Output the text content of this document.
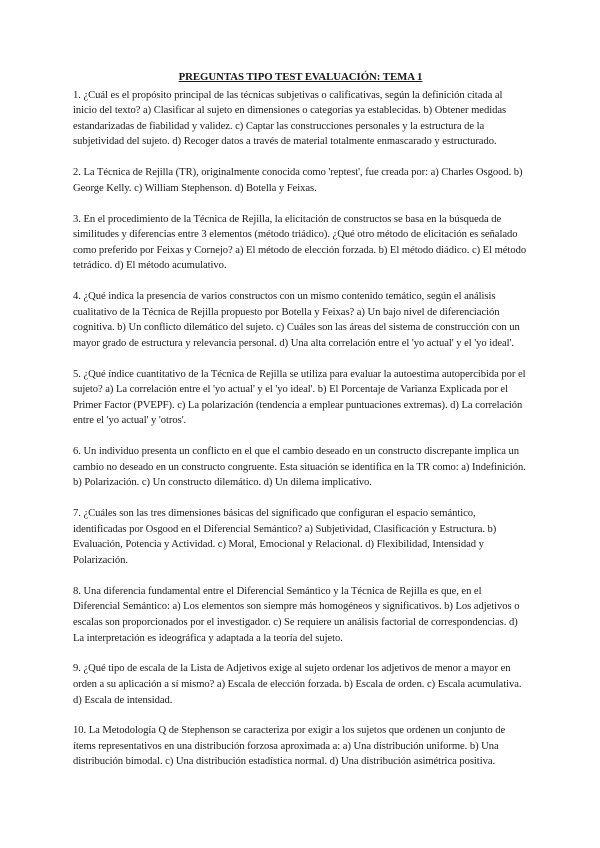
PREGUNTAS TIPO TEST EVALUACIÓN: TEMA 1
1. ¿Cuál es el propósito principal de las técnicas subjetivas o calificativas, según la definición citada al inicio del texto? a) Clasificar al sujeto en dimensiones o categorías ya establecidas. b) Obtener medidas estandarizadas de fiabilidad y validez. c) Captar las construcciones personales y la estructura de la subjetividad del sujeto. d) Recoger datos a través de material totalmente enmascarado y estructurado.
2. La Técnica de Rejilla (TR), originalmente conocida como 'reptest', fue creada por: a) Charles Osgood. b) George Kelly. c) William Stephenson. d) Botella y Feixas.
3. En el procedimiento de la Técnica de Rejilla, la elicitación de constructos se basa en la búsqueda de similitudes y diferencias entre 3 elementos (método triádico). ¿Qué otro método de elicitación es señalado como preferido por Feixas y Cornejo? a) El método de elección forzada. b) El método diádico. c) El método tetrádico. d) El método acumulativo.
4. ¿Qué indica la presencia de varios constructos con un mismo contenido temático, según el análisis cualitativo de la Técnica de Rejilla propuesto por Botella y Feixas? a) Un bajo nivel de diferenciación cognitiva. b) Un conflicto dilemático del sujeto. c) Cuáles son las áreas del sistema de construcción con un mayor grado de estructura y relevancia personal. d) Una alta correlación entre el 'yo actual' y el 'yo ideal'.
5. ¿Qué índice cuantitativo de la Técnica de Rejilla se utiliza para evaluar la autoestima autopercibida por el sujeto? a) La correlación entre el 'yo actual' y el 'yo ideal'. b) El Porcentaje de Varianza Explicada por el Primer Factor (PVEPF). c) La polarización (tendencia a emplear puntuaciones extremas). d) La correlación entre el 'yo actual' y 'otros'.
6. Un individuo presenta un conflicto en el que el cambio deseado en un constructo discrepante implica un cambio no deseado en un constructo congruente. Esta situación se identifica en la TR como: a) Indefinición. b) Polarización. c) Un constructo dilemático. d) Un dilema implicativo.
7. ¿Cuáles son las tres dimensiones básicas del significado que configuran el espacio semántico, identificadas por Osgood en el Diferencial Semántico? a) Subjetividad, Clasificación y Estructura. b) Evaluación, Potencia y Actividad. c) Moral, Emocional y Relacional. d) Flexibilidad, Intensidad y Polarización.
8. Una diferencia fundamental entre el Diferencial Semántico y la Técnica de Rejilla es que, en el Diferencial Semántico: a) Los elementos son siempre más homogéneos y significativos. b) Los adjetivos o escalas son proporcionados por el investigador. c) Se requiere un análisis factorial de correspondencias. d) La interpretación es ideográfica y adaptada a la teoría del sujeto.
9. ¿Qué tipo de escala de la Lista de Adjetivos exige al sujeto ordenar los adjetivos de menor a mayor en orden a su aplicación a sí mismo? a) Escala de elección forzada. b) Escala de orden. c) Escala acumulativa. d) Escala de intensidad.
10. La Metodología Q de Stephenson se caracteriza por exigir a los sujetos que ordenen un conjunto de ítems representativos en una distribución forzosa aproximada a: a) Una distribución uniforme. b) Una distribución bimodal. c) Una distribución estadística normal. d) Una distribución asimétrica positiva.
